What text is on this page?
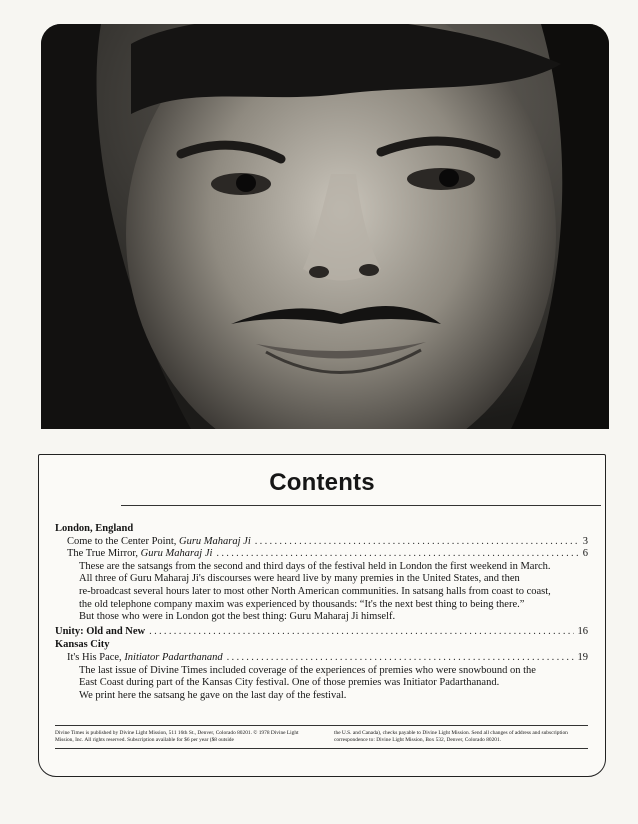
Contents
London, England
Come to the Center Point, Guru Maharaj Ji .....	3
The True Mirror, Guru Maharaj Ji .....	6

These are the satsangs from the second and third days of the festival held in London the first weekend in March.

All three of Guru Maharaj Ji's discourses were heard live by many premies in the United States, and then

re-broadcast several hours later to most other North American communities. In satsang halls from coast to coast,

the old telephone company maxim was experienced by thousands: “It's the next best thing to being there.”

But those who were in London got the best thing: Guru Maharaj Ji himself.

Unity: Old and New .....	16
Kansas City
It's His Pace, Initiator Padarthanand .....	19

The last issue of Divine Times included coverage of the experiences of premies who were snowbound on the

East Coast during part of the Kansas City festival. One of those premies was Initiator Padarthanand.

We print here the satsang he gave on the last day of the festival.

Divine Times is published by Divine Light Mission, 511 16th St., Denver, Colorado 80201. © 1978 Divine Light Mission, Inc. All rights reserved. Subscription available for $6 per year ($8 outside
the U.S. and Canada), checks payable to Divine Light Mission. Send all changes of address and subscription correspondence to: Divine Light Mission, Box 532, Denver, Colorado 80201.
